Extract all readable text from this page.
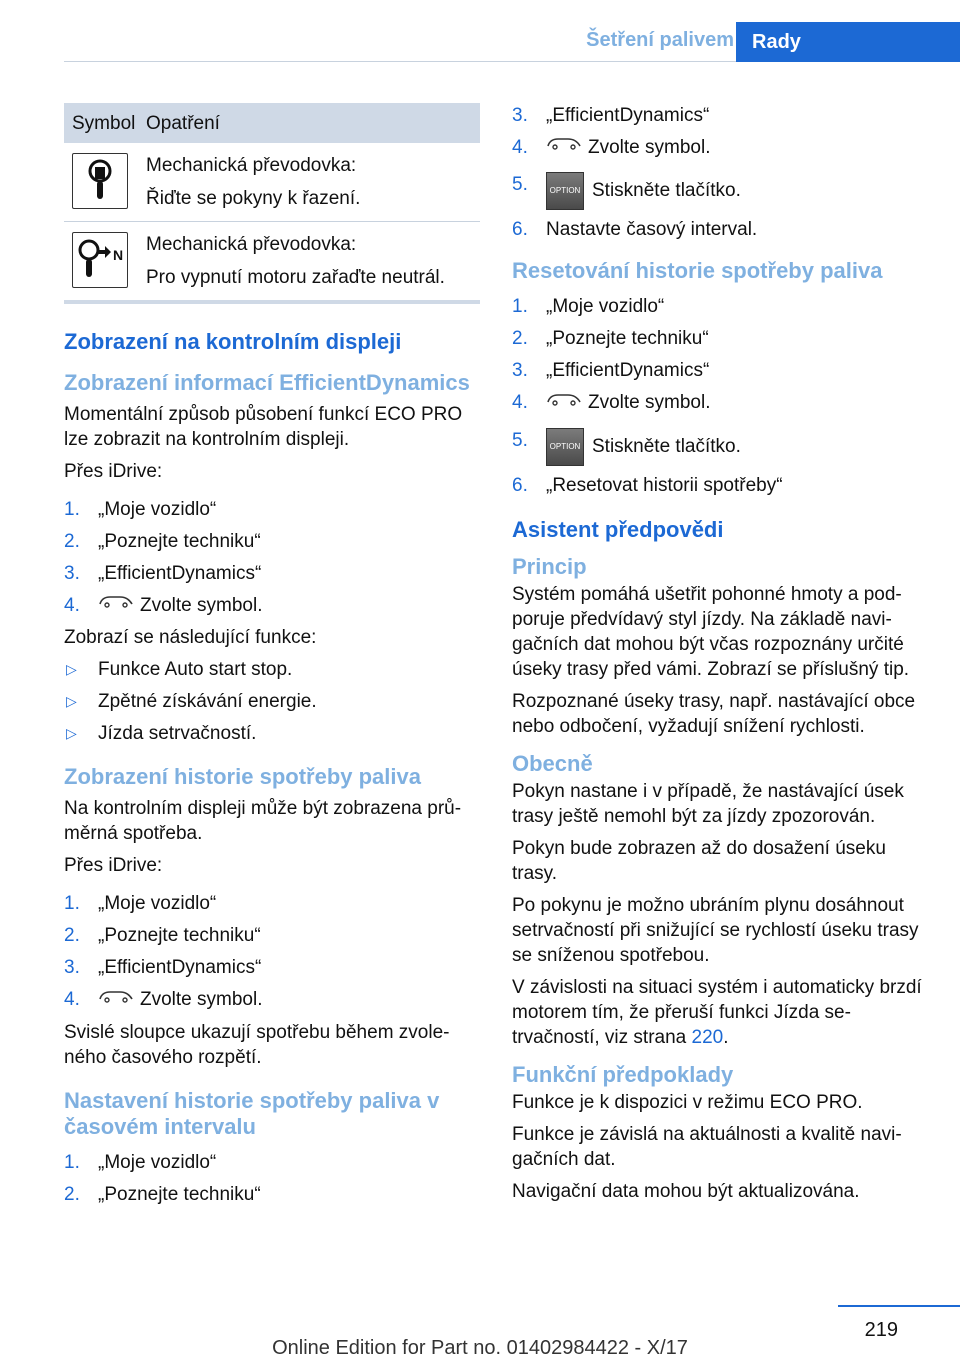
Šetření palivem Rady
Symbol	Opatření

Mechanická převodovka:
Řiďte se pokyny k řazení.

N	Mechanická převodovka:
Pro vypnutí motoru zařaďte neutrál.
Zobrazení na kontrolním displeji
Zobrazení informací EfficientDynamics
Momentální způsob působení funkcí ECO PRO lze zobrazit na kontrolním displeji.
Přes iDrive:
1. „Moje vozidlo“
2. „Poznejte techniku“
3. „EfficientDynamics“
4.	Zvolte symbol.
Zobrazí se následující funkce:
▷ Funkce Auto start stop.
▷ Zpětné získávání energie.
▷ Jízda setrvačností.
Zobrazení historie spotřeby paliva
Na kontrolním displeji může být zobrazena prů‐ měrná spotřeba.
Přes iDrive:
1. „Moje vozidlo“
2. „Poznejte techniku“
3. „EfficientDynamics“
4.	Zvolte symbol.
Svislé sloupce ukazují spotřebu během zvole‐ ného časového rozpětí.
Nastavení historie spotřeby paliva v časovém intervalu
1. „Moje vozidlo“
2. „Poznejte techniku“
3. „EfficientDynamics“
4.	Zvolte symbol.
5.	OPTION Stiskněte tlačítko.
6. Nastavte časový interval.
Resetování historie spotřeby paliva
1. „Moje vozidlo“
2. „Poznejte techniku“
3. „EfficientDynamics“
4.	Zvolte symbol.
5.	OPTION Stiskněte tlačítko.
6. „Resetovat historii spotřeby“
Asistent předpovědi
Princip
Systém pomáhá ušetřit pohonné hmoty a pod‐ poruje předvídavý styl jízdy. Na základě navi‐ gačních dat mohou být včas rozpoznány určité úseky trasy před vámi. Zobrazí se příslušný tip.
Rozpoznané úseky trasy, např. nastávající obce nebo odbočení, vyžadují snížení rychlosti.
Obecně
Pokyn nastane i v případě, že nastávající úsek trasy ještě nemohl být za jízdy zpozorován.
Pokyn bude zobrazen až do dosažení úseku trasy.
Po pokynu je možno ubráním plynu dosáhnout setrvačností při snižující se rychlostí úseku trasy se sníženou spotřebou.
V závislosti na situaci systém i automaticky brzdí motorem tím, že přeruší funkci Jízda se‐ trvačností, viz strana 220.
Funkční předpoklady
Funkce je k dispozici v režimu ECO PRO.
Funkce je závislá na aktuálnosti a kvalitě navi‐ gačních dat.
Navigační data mohou být aktualizována.
219
Online Edition for Part no. 01402984422 - X/17
